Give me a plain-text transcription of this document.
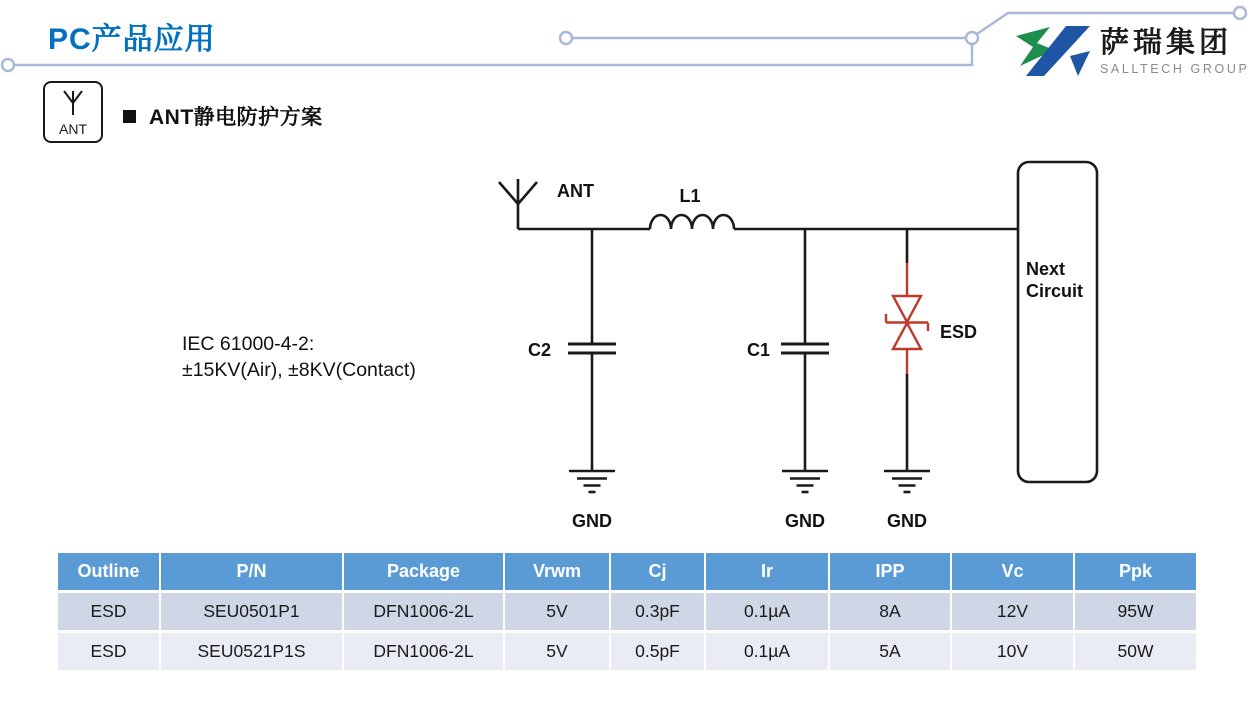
ANT	L1
C2	C1
ESD
Next
Circuit
GND	GND	GND
PC产品应用	萨瑞集团
SALLTECH GROUP
ANT	ANT静电防护方案
IEC 61000-4-2:
±15KV(Air), ±8KV(Contact)
Outline	P/N	Package	Vrwm	Cj	Ir	IPP	Vc	Ppk
ESD	SEU0501P1	DFN1006-2L	5V	0.3pF	0.1µA	8A	12V	95W
ESD	SEU0521P1S	DFN1006-2L	5V	0.5pF	0.1µA	5A	10V	50W
